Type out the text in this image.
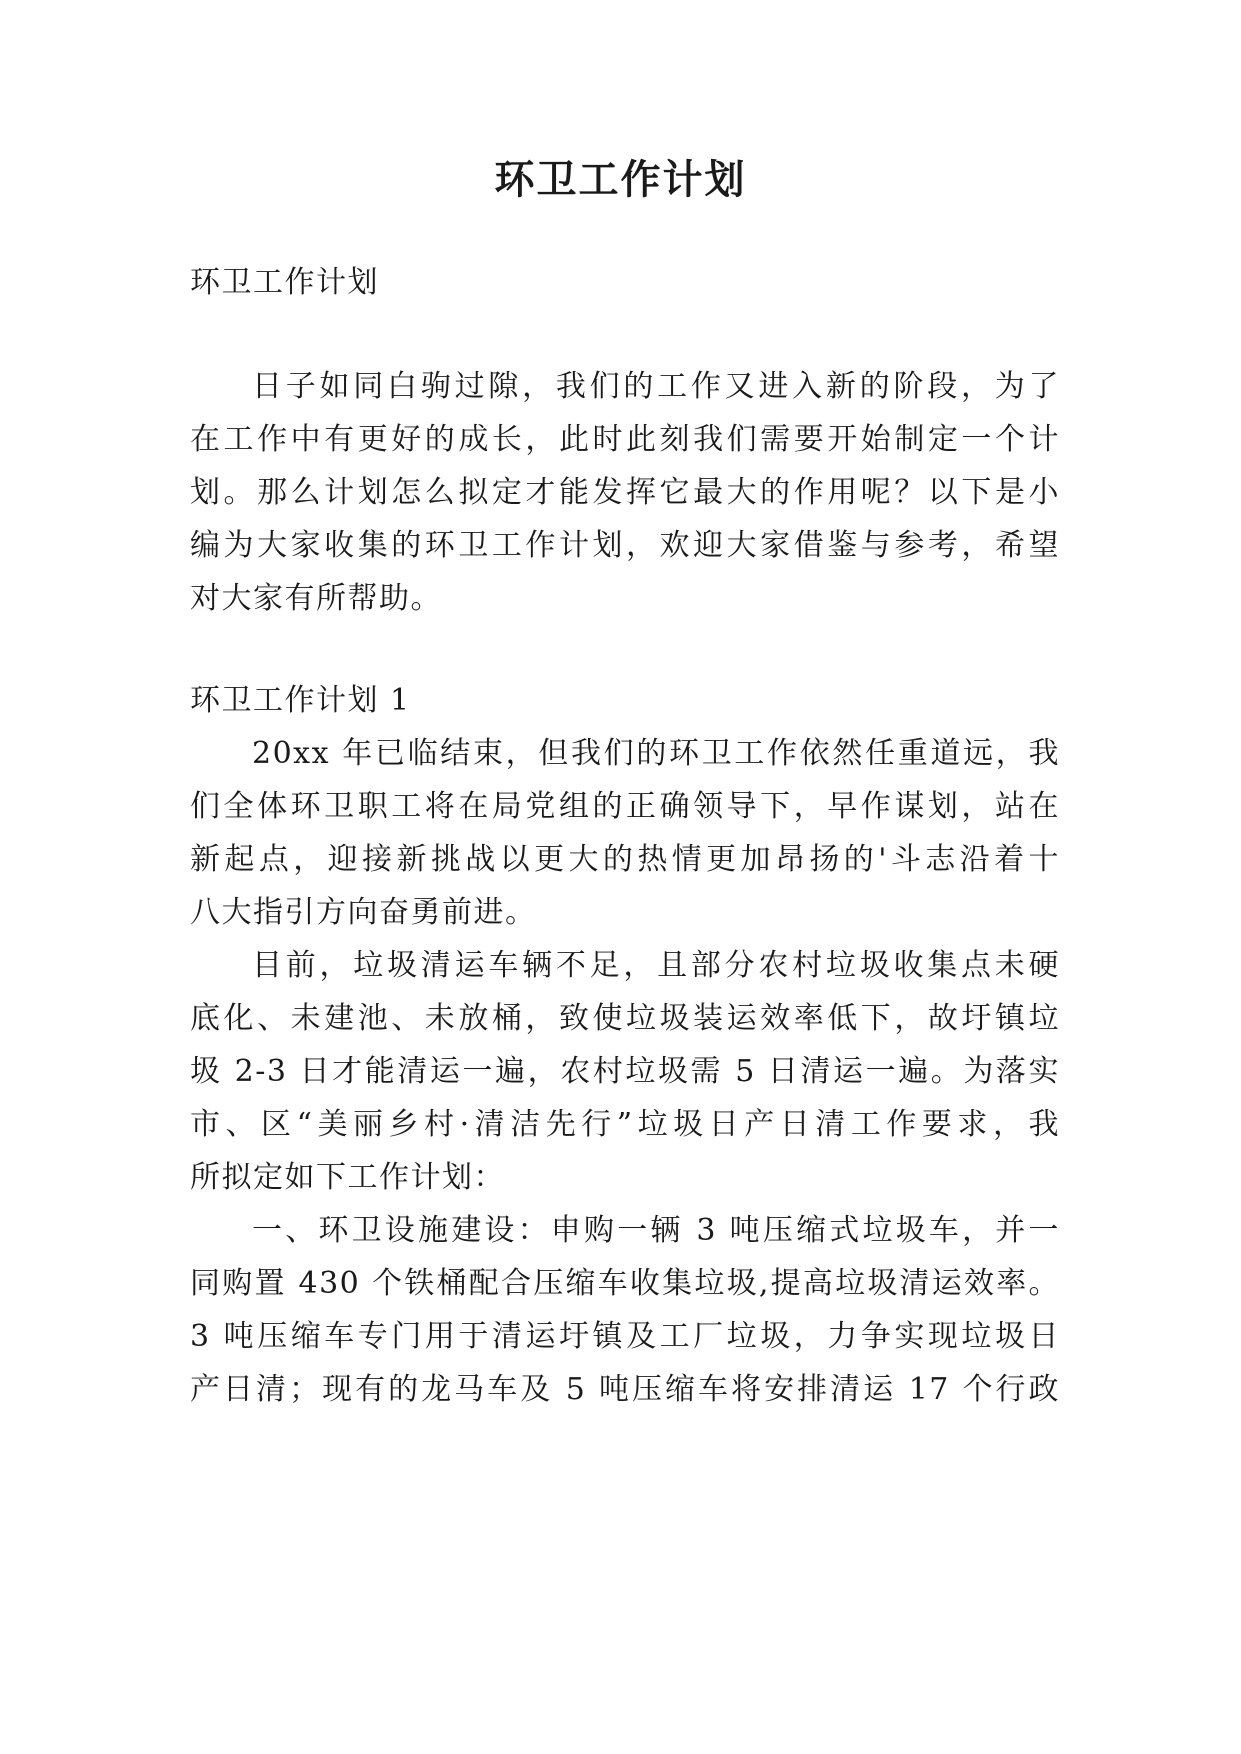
环卫工作计划
环卫工作计划
日子如同白驹过隙，我们的工作又进入新的阶段，为了
在工作中有更好的成长，此时此刻我们需要开始制定一个计
划。那么计划怎么拟定才能发挥它最大的作用呢？以下是小
编为大家收集的环卫工作计划，欢迎大家借鉴与参考，希望
对大家有所帮助。
环卫工作计划 1
20xx 年已临结束，但我们的环卫工作依然任重道远，我
们全体环卫职工将在局党组的正确领导下，早作谋划，站在
新起点，迎接新挑战以更大的热情更加昂扬的'斗志沿着十
八大指引方向奋勇前进。
目前，垃圾清运车辆不足，且部分农村垃圾收集点未硬
底化、未建池、未放桶，致使垃圾装运效率低下，故圩镇垃
圾 2-3 日才能清运一遍，农村垃圾需 5 日清运一遍。为落实
市、区“美丽乡村·清洁先行”垃圾日产日清工作要求，我
所拟定如下工作计划：
一、环卫设施建设：申购一辆 3 吨压缩式垃圾车，并一
同购置 430 个铁桶配合压缩车收集垃圾,提高垃圾清运效率。
3 吨压缩车专门用于清运圩镇及工厂垃圾，力争实现垃圾日
产日清；现有的龙马车及 5 吨压缩车将安排清运 17 个行政
